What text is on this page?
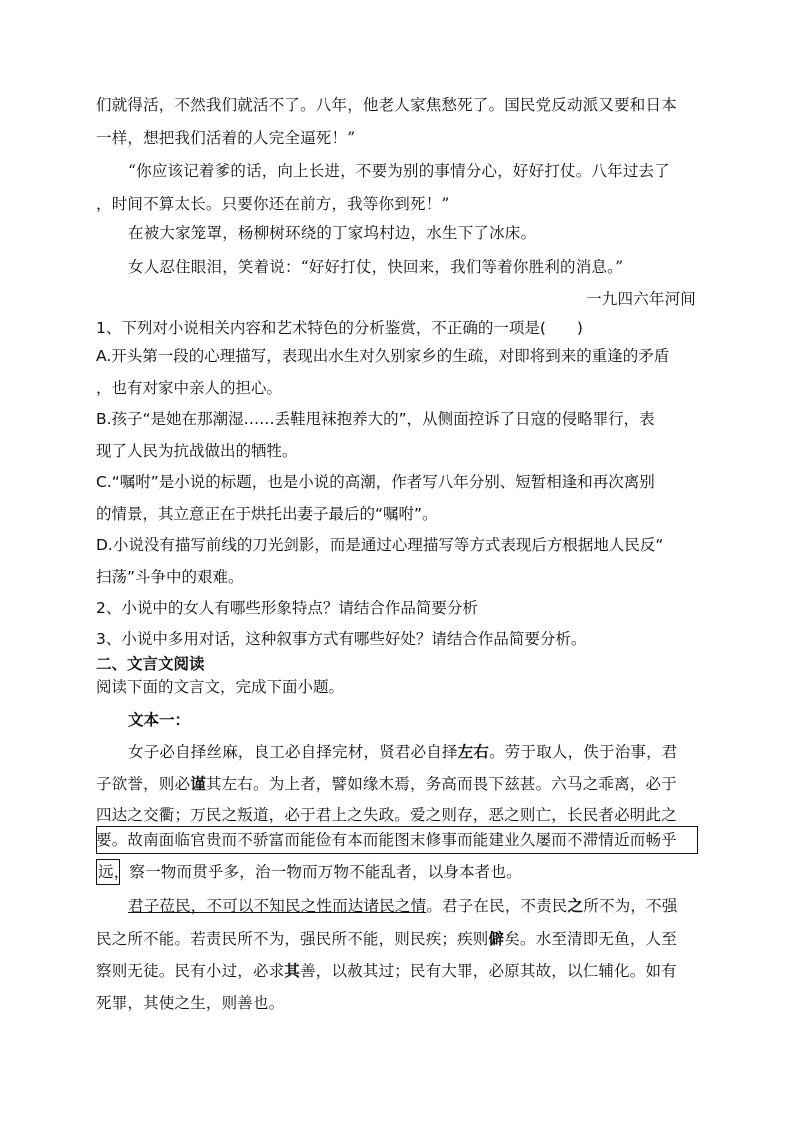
们就得活，不然我们就活不了。八年，他老人家焦愁死了。国民党反动派又要和日本
一样，想把我们活着的人完全逼死！”
“你应该记着爹的话，向上长进，不要为别的事情分心，好好打仗。八年过去了
，时间不算太长。只要你还在前方，我等你到死！”
在被大家笼罩，杨柳树环绕的丁家坞村边，水生下了冰床。
女人忍住眼泪，笑着说：“好好打仗，快回来，我们等着你胜利的消息。”
一九四六年河间
1、下列对小说相关内容和艺术特色的分析鉴赏，不正确的一项是(　　)
A.开头第一段的心理描写，表现出水生对久别家乡的生疏，对即将到来的重逢的矛盾
，也有对家中亲人的担心。
B.孩子“是她在那潮湿……丢鞋甩袜抱养大的”，从侧面控诉了日寇的侵略罪行，表
现了人民为抗战做出的牺牲。
C.“嘱咐”是小说的标题，也是小说的高潮，作者写八年分别、短暂相逢和再次离别
的情景，其立意正在于烘托出妻子最后的“嘱咐”。
D.小说没有描写前线的刀光剑影，而是通过心理描写等方式表现后方根据地人民反“
扫荡”斗争中的艰难。
2、小说中的女人有哪些形象特点？请结合作品简要分析
3、小说中多用对话，这种叙事方式有哪些好处？请结合作品简要分析。
二、文言文阅读
阅读下面的文言文，完成下面小题。
文本一：
女子必自择丝麻，良工必自择完材，贤君必自择左右。劳于取人，佚于治事，君
子欲誉，则必谨其左右。为上者，譬如缘木焉，务高而畏下兹甚。六马之乖离，必于
四达之交衢；万民之叛道，必于君上之失政。爱之则存，恶之则亡，长民者必明此之
要。故南面临官贵而不骄富而能俭有本而能图末修事而能建业久屡而不滞情近而畅乎
远，察一物而贯乎多，治一物而万物不能乱者，以身本者也。
君子莅民，不可以不知民之性而达诸民之情。君子在民，不责民之所不为，不强
民之所不能。若责民所不为，强民所不能，则民疾；疾则僻矣。水至清即无鱼，人至
察则无徒。民有小过，必求其善，以赦其过；民有大罪，必原其故，以仁辅化。如有
死罪，其使之生，则善也。
